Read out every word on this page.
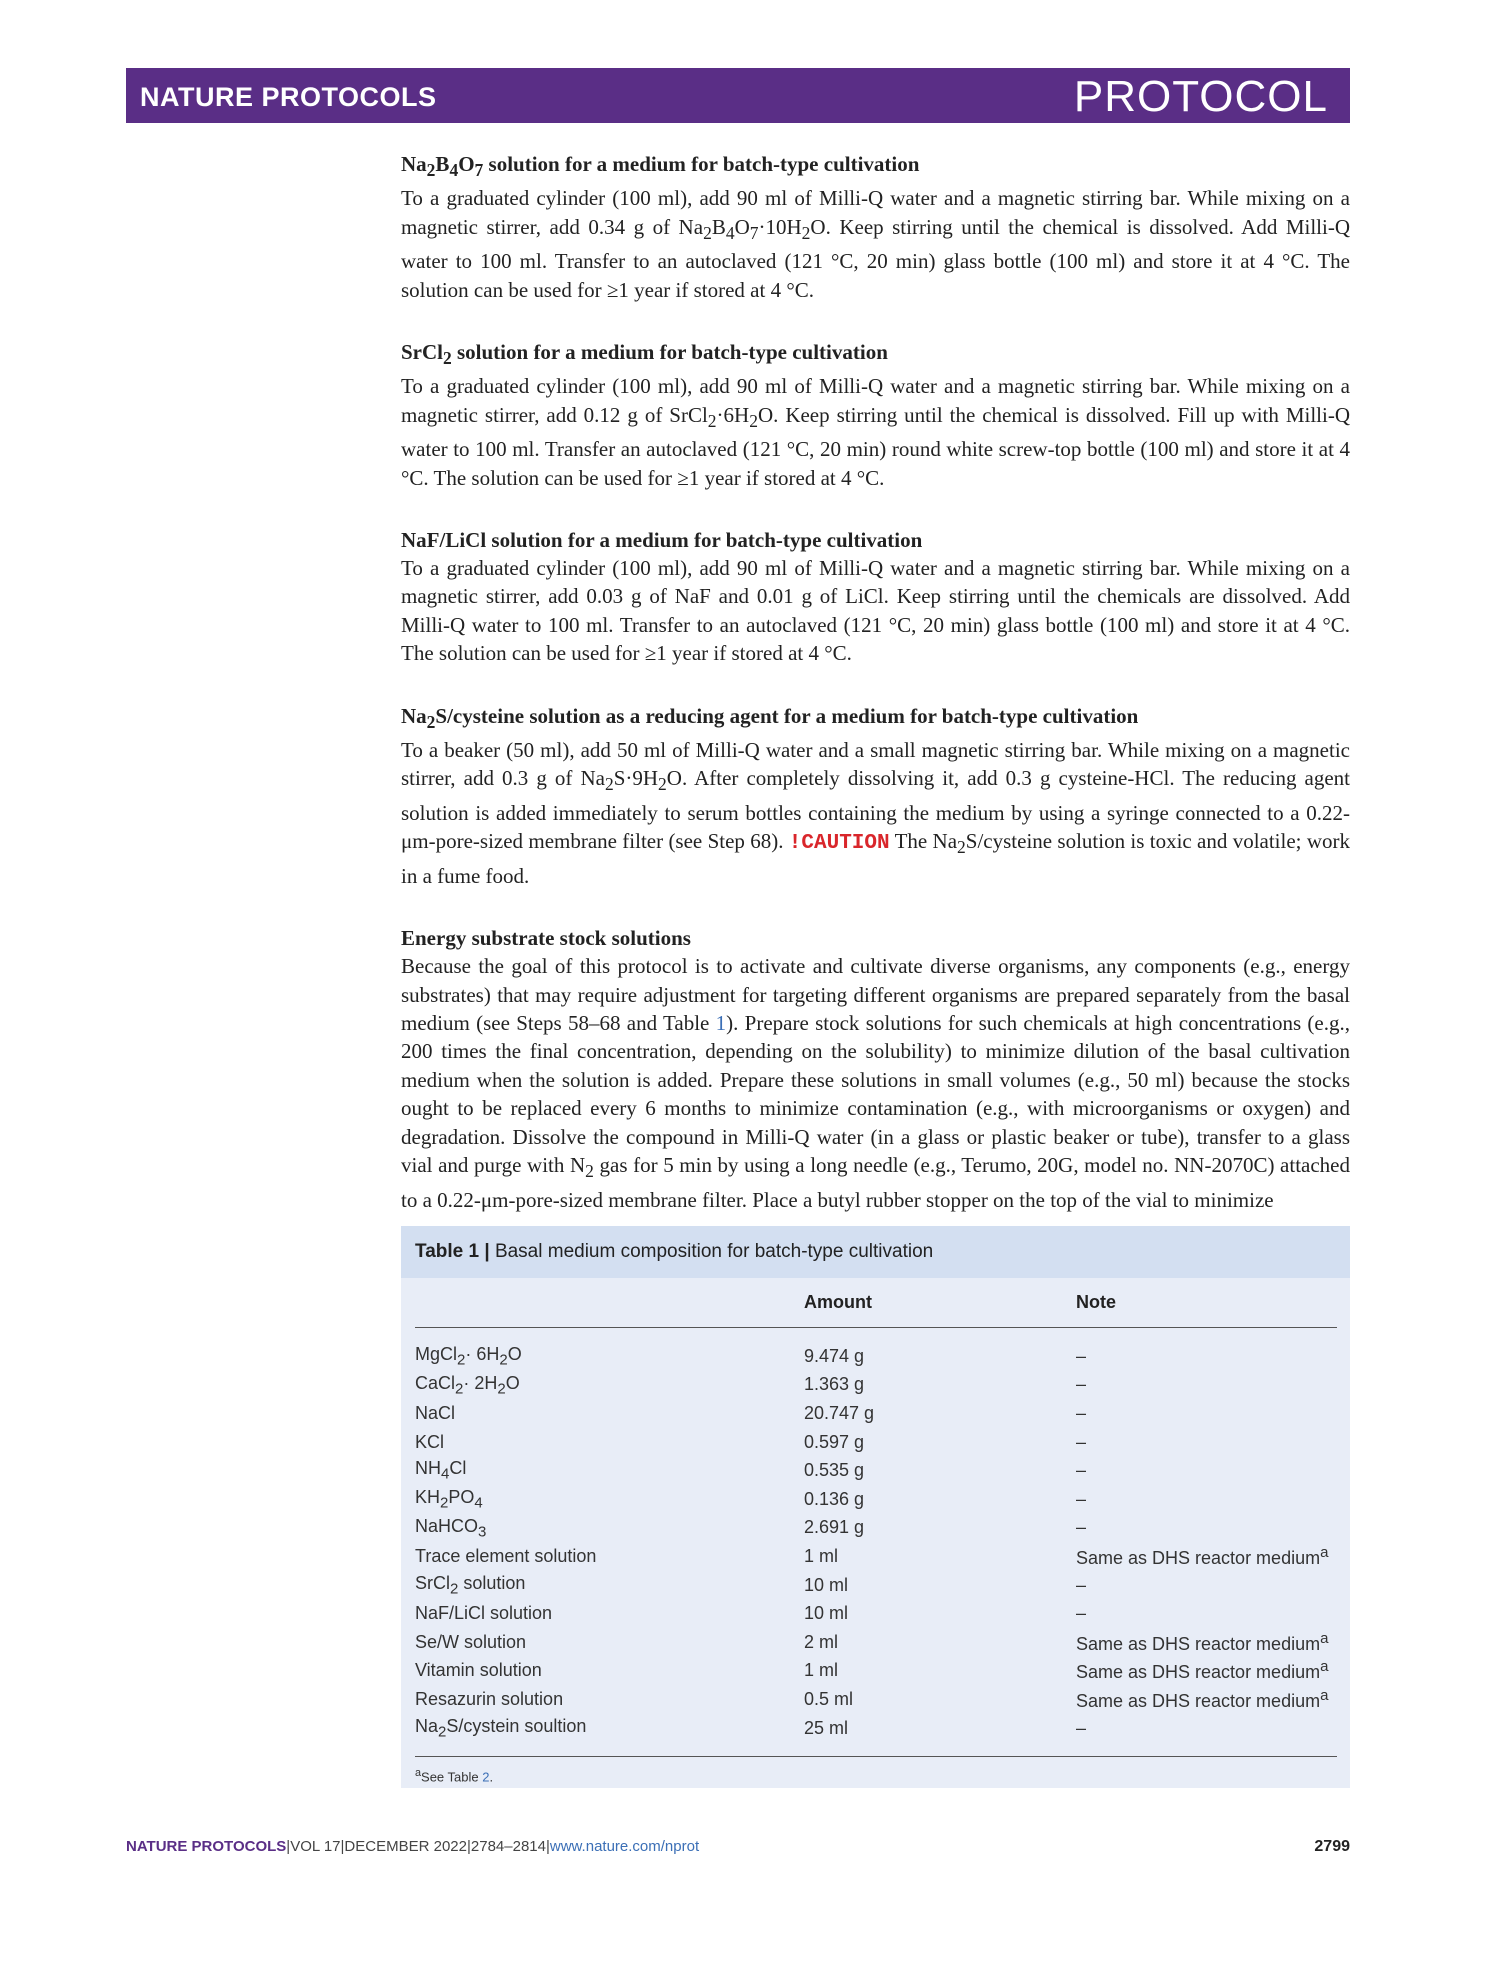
NATURE PROTOCOLS	PROTOCOL
$Na_2B_4O_7$ solution for a medium for batch-type cultivation

To a graduated cylinder (100 ml), add 90 ml of Milli-Q water and a magnetic stirring bar. While mixing on a magnetic stirrer, add 0.34 g of $Na_2B_4O_7\cdot 10H_2O$. Keep stirring until the chemical is dissolved. Add Milli-Q water to 100 ml. Transfer to an autoclaved (121 °C, 20 min) glass bottle (100 ml) and store it at 4 °C. The solution can be used for ≥1 year if stored at 4 °C.

SrCl$_2$ solution for a medium for batch-type cultivation

To a graduated cylinder (100 ml), add 90 ml of Milli-Q water and a magnetic stirring bar. While mixing on a magnetic stirrer, add 0.12 g of $SrCl_2\cdot 6H_2O$. Keep stirring until the chemical is dissolved. Fill up with Milli-Q water to 100 ml. Transfer an autoclaved (121 °C, 20 min) round white screw-top bottle (100 ml) and store it at 4 °C. The solution can be used for ≥1 year if stored at 4 °C.

NaF/LiCl solution for a medium for batch-type cultivation

To a graduated cylinder (100 ml), add 90 ml of Milli-Q water and a magnetic stirring bar. While mixing on a magnetic stirrer, add 0.03 g of NaF and 0.01 g of LiCl. Keep stirring until the chemicals are dissolved. Add Milli-Q water to 100 ml. Transfer to an autoclaved (121 °C, 20 min) glass bottle (100 ml) and store it at 4 °C. The solution can be used for ≥1 year if stored at 4 °C.

$Na_2S$/cysteine solution as a reducing agent for a medium for batch-type cultivation

To a beaker (50 ml), add 50 ml of Milli-Q water and a small magnetic stirring bar. While mixing on a magnetic stirrer, add 0.3 g of $Na_2S\cdot 9H_2O$. After completely dissolving it, add 0.3 g cysteine-HCl. The reducing agent solution is added immediately to serum bottles containing the medium by using a syringe connected to a 0.22-μm-pore-sized membrane filter (see Step 68). !CAUTION The $Na_2S$/cysteine solution is toxic and volatile; work in a fume food.

Energy substrate stock solutions

Because the goal of this protocol is to activate and cultivate diverse organisms, any components (e.g., energy substrates) that may require adjustment for targeting different organisms are prepared separately from the basal medium (see Steps 58–68 and Table 1). Prepare stock solutions for such chemicals at high concentrations (e.g., 200 times the final concentration, depending on the solubility) to minimize dilution of the basal cultivation medium when the solution is added. Prepare these solutions in small volumes (e.g., 50 ml) because the stocks ought to be replaced every 6 months to minimize contamination (e.g., with microorganisms or oxygen) and degradation. Dissolve the compound in Milli-Q water (in a glass or plastic beaker or tube), transfer to a glass vial and purge with $N_2$ gas for 5 min by using a long needle (e.g., Terumo, 20G, model no. NN-2070C) attached to a 0.22-μm-pore-sized membrane filter. Place a butyl rubber stopper on the top of the vial to minimize

Table 1 | Basal medium composition for batch-type cultivation
	Amount	Note
MgCl$_2$· $6H_2O$	9.474 g	–
CaCl$_2$· $2H_2O$	1.363 g	–
NaCl	20.747 g	–
KCl	0.597 g	–
$NH_4Cl$	0.535 g	–
$KH_2PO_4$	0.136 g	–
NaHCO$_3$	2.691 g	–
Trace element solution	1 ml	Same as DHS reactor medium$^a$
SrCl$_2$ solution	10 ml	–
NaF/LiCl solution	10 ml	–
Se/W solution	2 ml	Same as DHS reactor medium$^a$
Vitamin solution	1 ml	Same as DHS reactor medium$^a$
Resazurin solution	0.5 ml	Same as DHS reactor medium$^a$
$Na_2S$/cystein soultion	25 ml	–
$^a$See Table 2.
NATURE PROTOCOLS|VOL 17|DECEMBER 2022|2784–2814|www.nature.com/nprot	2799
